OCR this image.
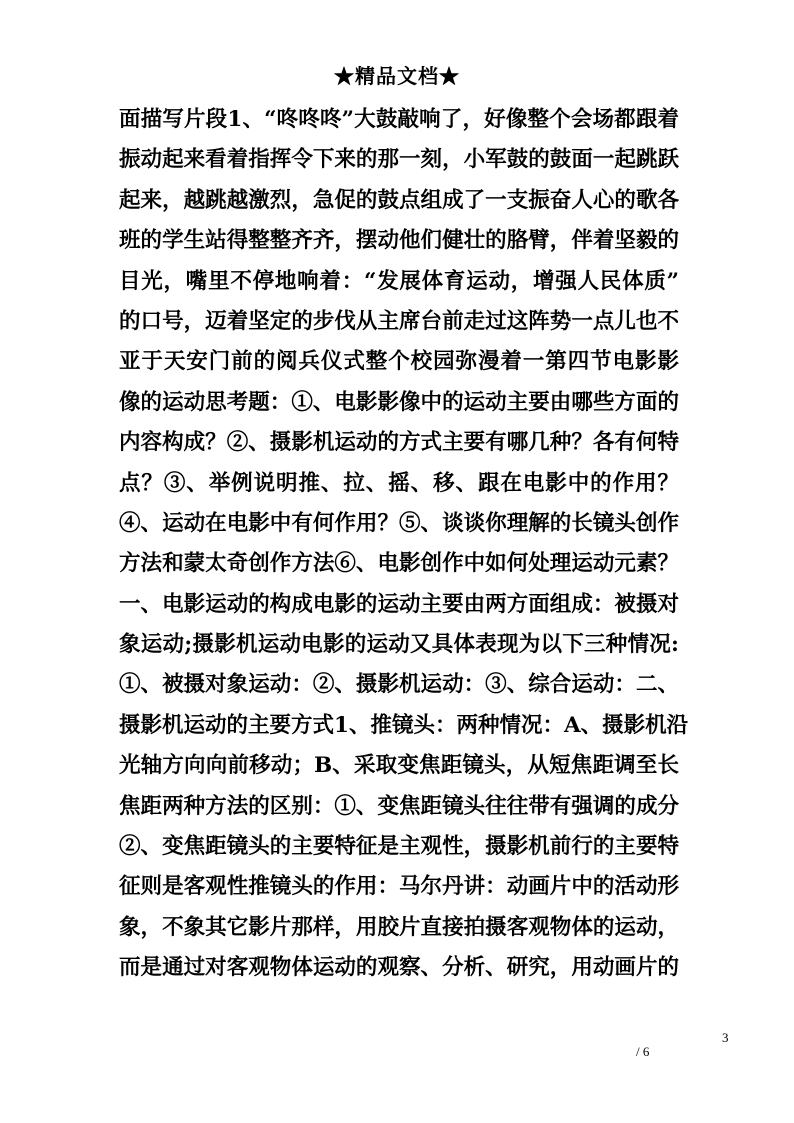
★精品文档★
面描写片段1、“咚咚咚”大鼓敲响了，好像整个会场都跟着
振动起来看着指挥令下来的那一刻，小军鼓的鼓面一起跳跃
起来，越跳越激烈，急促的鼓点组成了一支振奋人心的歌各
班的学生站得整整齐齐，摆动他们健壮的胳臂，伴着坚毅的
目光，嘴里不停地响着：“发展体育运动，增强人民体质”
的口号，迈着坚定的步伐从主席台前走过这阵势一点儿也不
亚于天安门前的阅兵仪式整个校园弥漫着一第四节电影影
像的运动思考题：①、电影影像中的运动主要由哪些方面的
内容构成？②、摄影机运动的方式主要有哪几种？各有何特
点？③、举例说明推、拉、摇、移、跟在电影中的作用？
④、运动在电影中有何作用？⑤、谈谈你理解的长镜头创作
方法和蒙太奇创作方法⑥、电影创作中如何处理运动元素？
一、电影运动的构成电影的运动主要由两方面组成：被摄对
象运动;摄影机运动电影的运动又具体表现为以下三种情况:
①、被摄对象运动：②、摄影机运动：③、综合运动：二、
摄影机运动的主要方式1、推镜头：两种情况：A、摄影机沿
光轴方向向前移动；B、采取变焦距镜头，从短焦距调至长
焦距两种方法的区别：①、变焦距镜头往往带有强调的成分
②、变焦距镜头的主要特征是主观性，摄影机前行的主要特
征则是客观性推镜头的作用：马尔丹讲：动画片中的活动形
象，不象其它影片那样，用胶片直接拍摄客观物体的运动，
而是通过对客观物体运动的观察、分析、研究，用动画片的
3
/ 6
